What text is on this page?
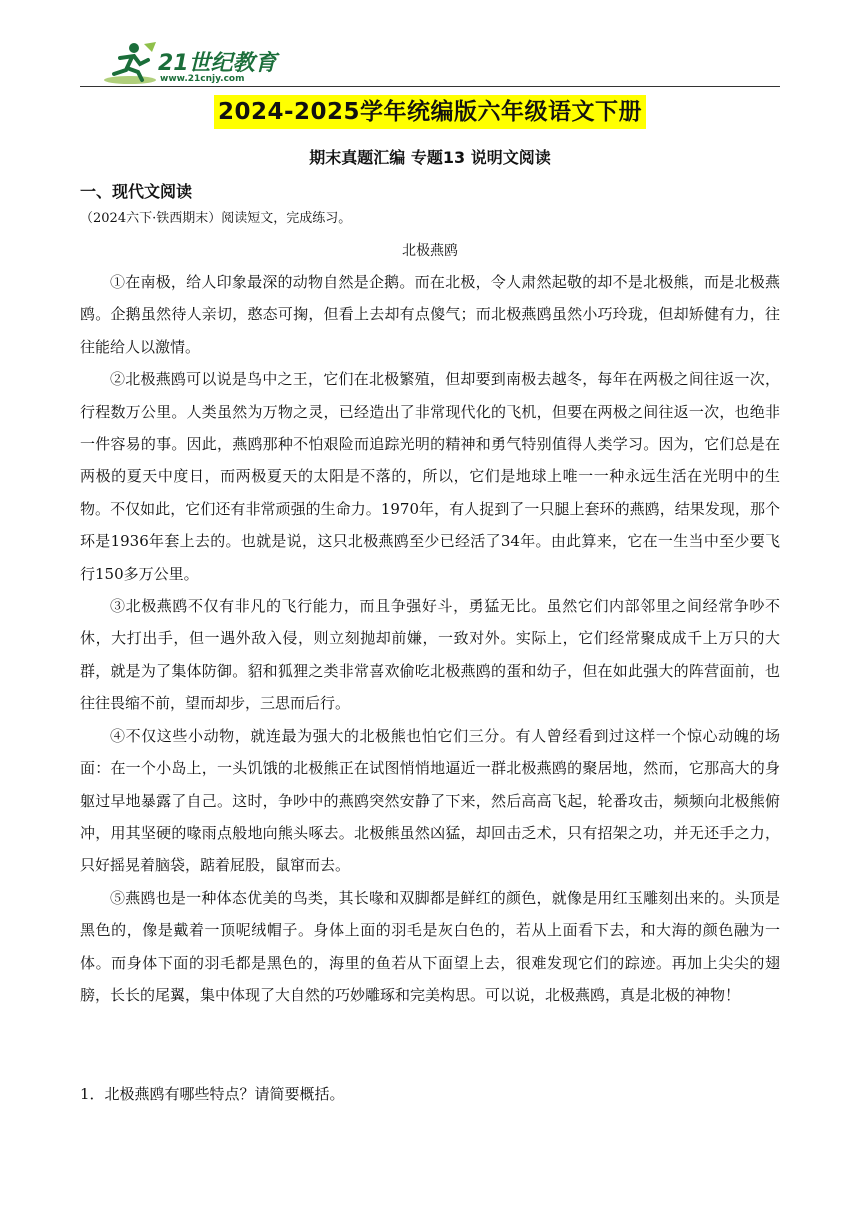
21世纪教育
www.21cnjy.com
2024-2025学年统编版六年级语文下册
期末真题汇编 专题13 说明文阅读
一、现代文阅读
（2024六下·铁西期末）阅读短文，完成练习。
北极燕鸥

①在南极，给人印象最深的动物自然是企鹅。而在北极，令人肃然起敬的却不是北极熊，而是北极燕鸥。企鹅虽然待人亲切，憨态可掬，但看上去却有点傻气；而北极燕鸥虽然小巧玲珑，但却矫健有力，往往能给人以激情。

②北极燕鸥可以说是鸟中之王，它们在北极繁殖，但却要到南极去越冬，每年在两极之间往返一次，行程数万公里。人类虽然为万物之灵，已经造出了非常现代化的飞机，但要在两极之间往返一次，也绝非一件容易的事。因此，燕鸥那种不怕艰险而追踪光明的精神和勇气特别值得人类学习。因为，它们总是在两极的夏天中度日，而两极夏天的太阳是不落的，所以，它们是地球上唯一一种永远生活在光明中的生物。不仅如此，它们还有非常顽强的生命力。1970年，有人捉到了一只腿上套环的燕鸥，结果发现，那个环是1936年套上去的。也就是说，这只北极燕鸥至少已经活了34年。由此算来，它在一生当中至少要飞行150多万公里。

③北极燕鸥不仅有非凡的飞行能力，而且争强好斗，勇猛无比。虽然它们内部邻里之间经常争吵不休，大打出手，但一遇外敌入侵，则立刻抛却前嫌，一致对外。实际上，它们经常聚成成千上万只的大群，就是为了集体防御。貂和狐狸之类非常喜欢偷吃北极燕鸥的蛋和幼子，但在如此强大的阵营面前，也往往畏缩不前，望而却步，三思而后行。

④不仅这些小动物，就连最为强大的北极熊也怕它们三分。有人曾经看到过这样一个惊心动魄的场面：在一个小岛上，一头饥饿的北极熊正在试图悄悄地逼近一群北极燕鸥的聚居地，然而，它那高大的身躯过早地暴露了自己。这时，争吵中的燕鸥突然安静了下来，然后高高飞起，轮番攻击，频频向北极熊俯冲，用其坚硬的喙雨点般地向熊头啄去。北极熊虽然凶猛，却回击乏术，只有招架之功，并无还手之力，只好摇晃着脑袋，踮着屁股，鼠窜而去。

⑤燕鸥也是一种体态优美的鸟类，其长喙和双脚都是鲜红的颜色，就像是用红玉雕刻出来的。头顶是黑色的，像是戴着一顶呢绒帽子。身体上面的羽毛是灰白色的，若从上面看下去，和大海的颜色融为一体。而身体下面的羽毛都是黑色的，海里的鱼若从下面望上去，很难发现它们的踪迹。再加上尖尖的翅膀，长长的尾翼，集中体现了大自然的巧妙雕琢和完美构思。可以说，北极燕鸥，真是北极的神物！

1．北极燕鸥有哪些特点？请简要概括。
